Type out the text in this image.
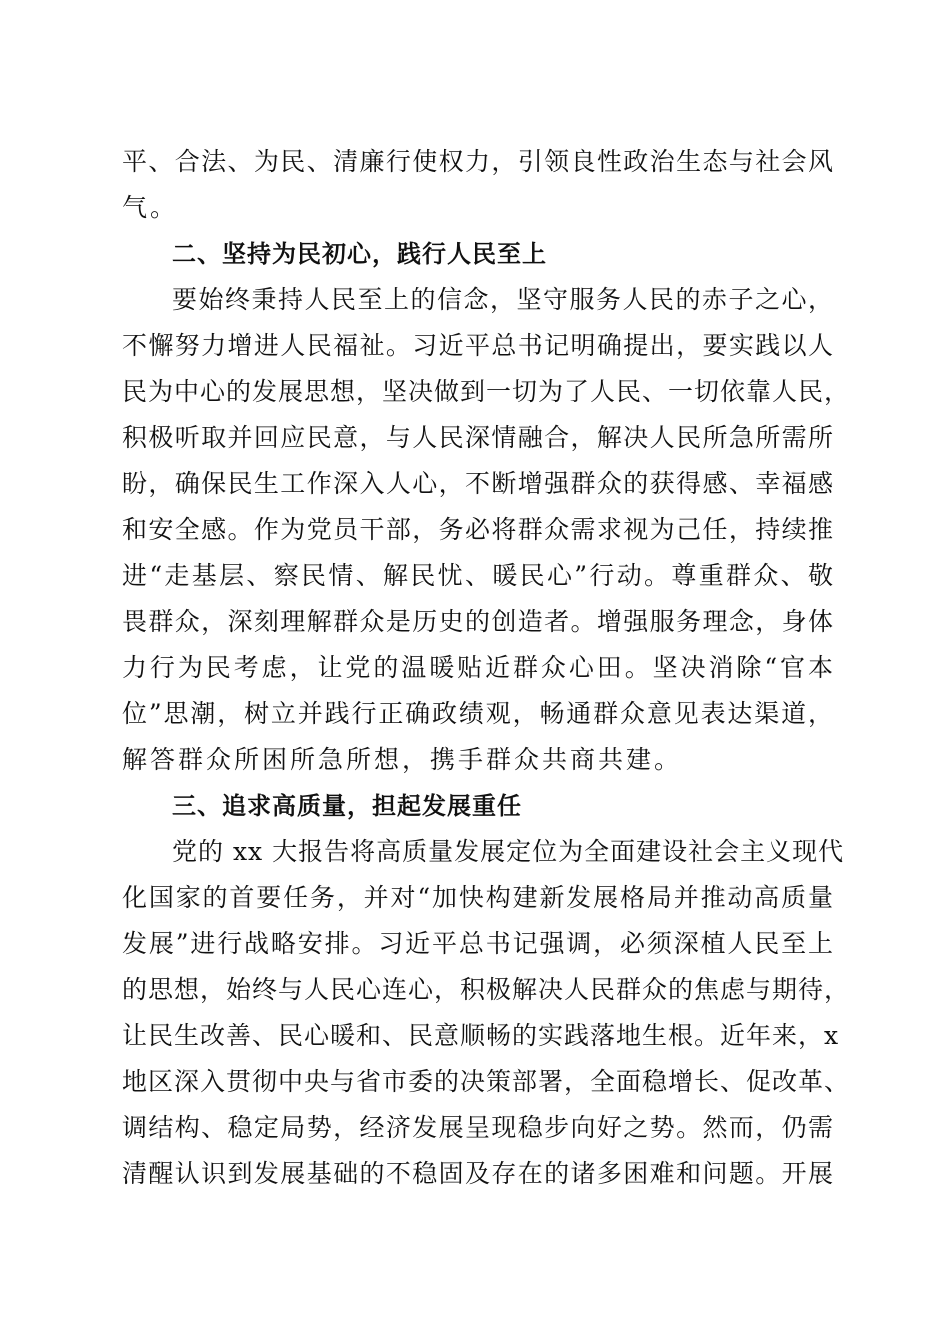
平、合法、为民、清廉行使权力，引领良性政治生态与社会风
气。
二、坚持为民初心，践行人民至上
要始终秉持人民至上的信念，坚守服务人民的赤子之心，
不懈努力增进人民福祉。习近平总书记明确提出，要实践以人
民为中心的发展思想，坚决做到一切为了人民、一切依靠人民，
积极听取并回应民意，与人民深情融合，解决人民所急所需所
盼，确保民生工作深入人心，不断增强群众的获得感、幸福感
和安全感。作为党员干部，务必将群众需求视为己任，持续推
进“走基层、察民情、解民忧、暖民心”行动。尊重群众、敬
畏群众，深刻理解群众是历史的创造者。增强服务理念，身体
力行为民考虑，让党的温暖贴近群众心田。坚决消除“官本
位”思潮，树立并践行正确政绩观，畅通群众意见表达渠道，
解答群众所困所急所想，携手群众共商共建。
三、追求高质量，担起发展重任
党的 xx 大报告将高质量发展定位为全面建设社会主义现代
化国家的首要任务，并对“加快构建新发展格局并推动高质量
发展”进行战略安排。习近平总书记强调，必须深植人民至上
的思想，始终与人民心连心，积极解决人民群众的焦虑与期待，
让民生改善、民心暖和、民意顺畅的实践落地生根。近年来，x
地区深入贯彻中央与省市委的决策部署，全面稳增长、促改革、
调结构、稳定局势，经济发展呈现稳步向好之势。然而，仍需
清醒认识到发展基础的不稳固及存在的诸多困难和问题。开展
